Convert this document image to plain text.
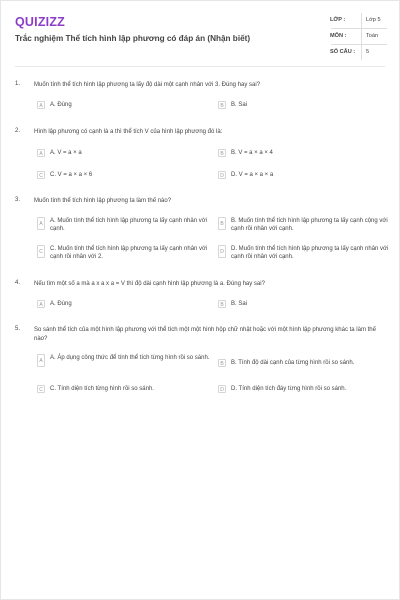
QUIZIZZ
Trắc nghiệm Thể tích hình lập phương có đáp án (Nhận biết)
LỚP :	Lớp 5
MÔN :	Toán
SỐ CÂU :	5
1. Muốn tính thể tích hình lập phương ta lấy độ dài một cạnh nhân với 3. Đúng hay sai?
A	A. Đúng	B	B. Sai
2. Hình lập phương có cạnh là a thì thể tích V của hình lập phương đó là:
A	A. V = a × a	B	B. V = a × a × 4
C	C. V = a × a × 6	D	D. V = a × a × a
3. Muốn tính thể tích hình lập phương ta làm thế nào?
A	A. Muốn tính thể tích hình lập phương ta lấy cạnh nhân với cạnh.
B	B. Muốn tính thể tích hình lập phương ta lấy cạnh cộng với cạnh rồi nhân với cạnh.
C	C. Muốn tính thể tích hình lập phương ta lấy cạnh nhân với cạnh rồi nhân với 2.
D	D. Muốn tính thể tích hình lập phương ta lấy cạnh nhân với cạnh rồi nhân với cạnh.
4. Nếu tìm một số a mà a x a x a = V thì độ dài cạnh hình lập phương là a. Đúng hay sai?
A	A. Đúng	B	B. Sai
5. So sánh thể tích của một hình lập phương với thể tích một một hình hộp chữ nhật hoặc với một hình lập phương khác ta làm thế nào?
A	A. Áp dụng công thức để tính thể tích từng hình rồi so sánh.
B	B. Tính độ dài cạnh của từng hình rồi so sánh.
C	C. Tính diện tích từng hình rồi so sánh.	D	D. Tính diện tích đáy từng hình rồi so sánh.
